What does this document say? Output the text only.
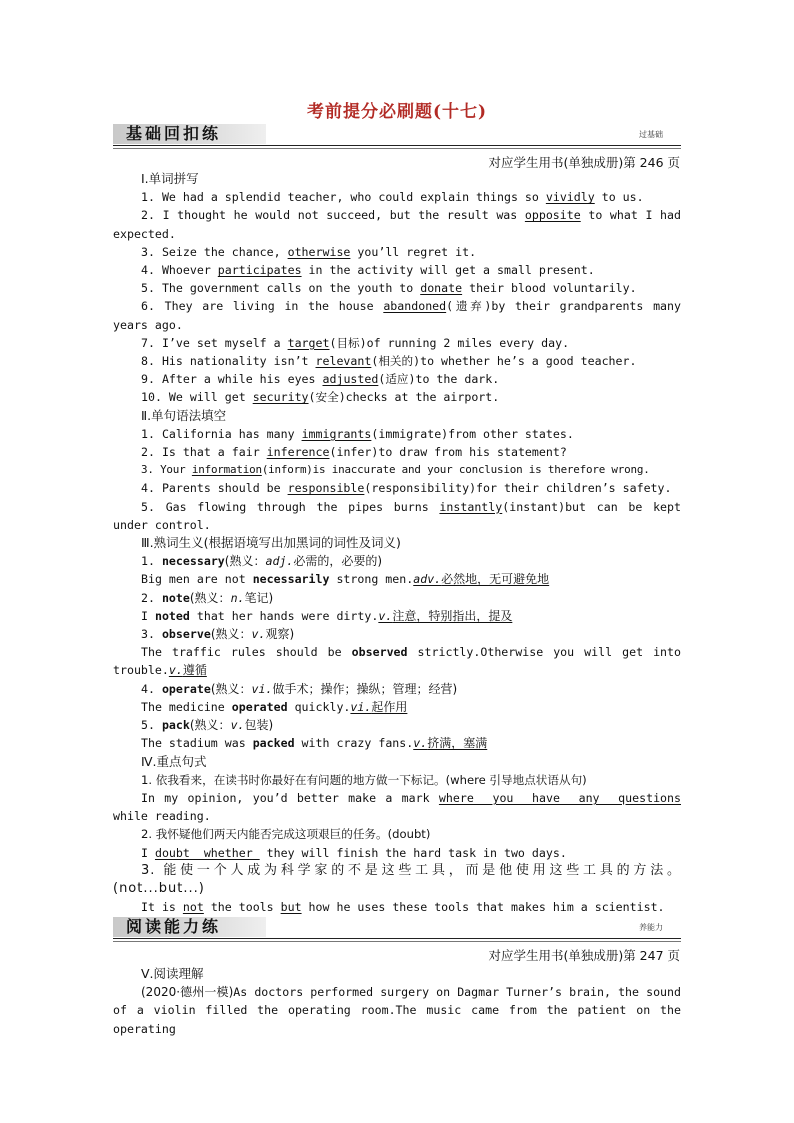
考前提分必刷题(十七)
基础回扣练	过基础
对应学生用书(单独成册)第 246 页

Ⅰ.单词拼写

1. We had a splendid teacher, who could explain things so vividly to us.

2. I thought he would not succeed, but the result was opposite to what I had expected.

3. Seize the chance, otherwise you’ll regret it.

4. Whoever participates in the activity will get a small present.

5. The government calls on the youth to donate their blood voluntarily.

6. They are living in the house abandoned(遗弃)by their grandparents many years ago.

7. I’ve set myself a target(目标)of running 2 miles every day.

8. His nationality isn’t relevant(相关的)to whether he’s a good teacher.

9. After a while his eyes adjusted(适应)to the dark.

10. We will get security(安全)checks at the airport.

Ⅱ.单句语法填空

1. California has many immigrants(immigrate)from other states.

2. Is that a fair inference(infer)to draw from his statement?

3. Your information(inform)is inaccurate and your conclusion is therefore wrong.

4. Parents should be responsible(responsibility)for their children’s safety.

5. Gas flowing through the pipes burns instantly(instant)but can be kept under control.

Ⅲ.熟词生义(根据语境写出加黑词的词性及词义)

1. necessary(熟义：adj.必需的，必要的)

Big men are not necessarily strong men.adv.必然地，无可避免地

2. note(熟义：n.笔记)

I noted that her hands were dirty.v.注意，特别指出，提及

3. observe(熟义：v.观察)

The traffic rules should be observed strictly.Otherwise you will get into trouble.v.遵循

4. operate(熟义：vi.做手术；操作；操纵；管理；经营)

The medicine operated quickly.vi.起作用

5. pack(熟义：v.包装)

The stadium was packed with crazy fans.v.挤满，塞满

Ⅳ.重点句式

1. 依我看来，在读书时你最好在有问题的地方做一下标记。(where 引导地点状语从句)

In my opinion, you’d better make a mark where  you  have  any  questions while reading.

2. 我怀疑他们两天内能否完成这项艰巨的任务。(doubt)

I doubt  whether  they will finish the hard task in two days.

3. 能使一个人成为科学家的不是这些工具，而是他使用这些工具的方法。(not...but...)

It is not the tools but how he uses these tools that makes him a scientist.

阅读能力练	养能力
对应学生用书(单独成册)第 247 页

Ⅴ.阅读理解

(2020·德州一模)As doctors performed surgery on Dagmar Turner’s brain, the sound of a violin filled the operating room.The music came from the patient on the operating
